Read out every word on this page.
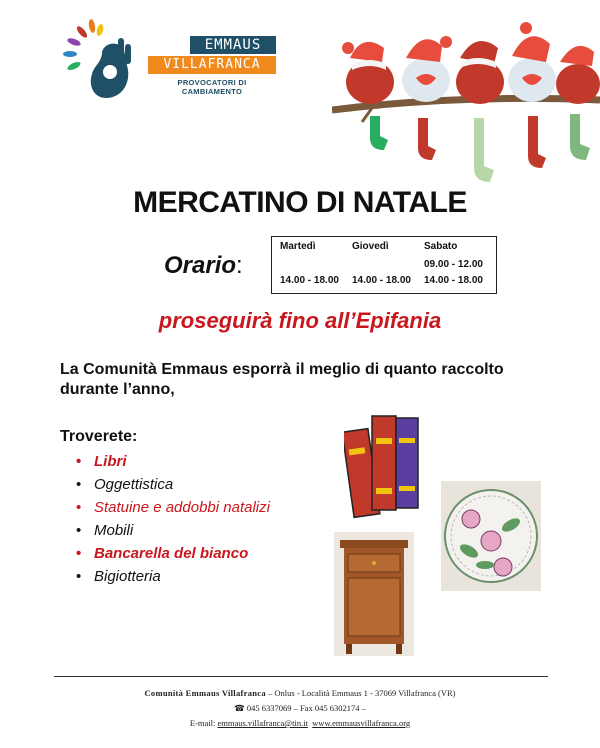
EMMAUS
VILLAFRANCA
PROVOCATORI DI CAMBIAMENTO
MERCATINO DI NATALE
Orario:
Martedì
14.00 - 18.00
Giovedì
14.00 - 18.00
Sabato
09.00 - 12.00
14.00 - 18.00
proseguirà fino all’Epifania
La Comunità Emmaus esporrà il meglio di quanto raccolto durante l’anno,
Troverete:
• Libri
• Oggettistica
• Statuine e addobbi natalizi
• Mobili
• Bancarella del bianco
• Bigiotteria
Comunità Emmaus Villafranca – Onlus - Località Emmaus 1 - 37069 Villafranca (VR)
☎ 045 6337069 – Fax 045 6302174 –
E-mail: emmaus.villafranca@tin.it www.emmausvillafranca.org
